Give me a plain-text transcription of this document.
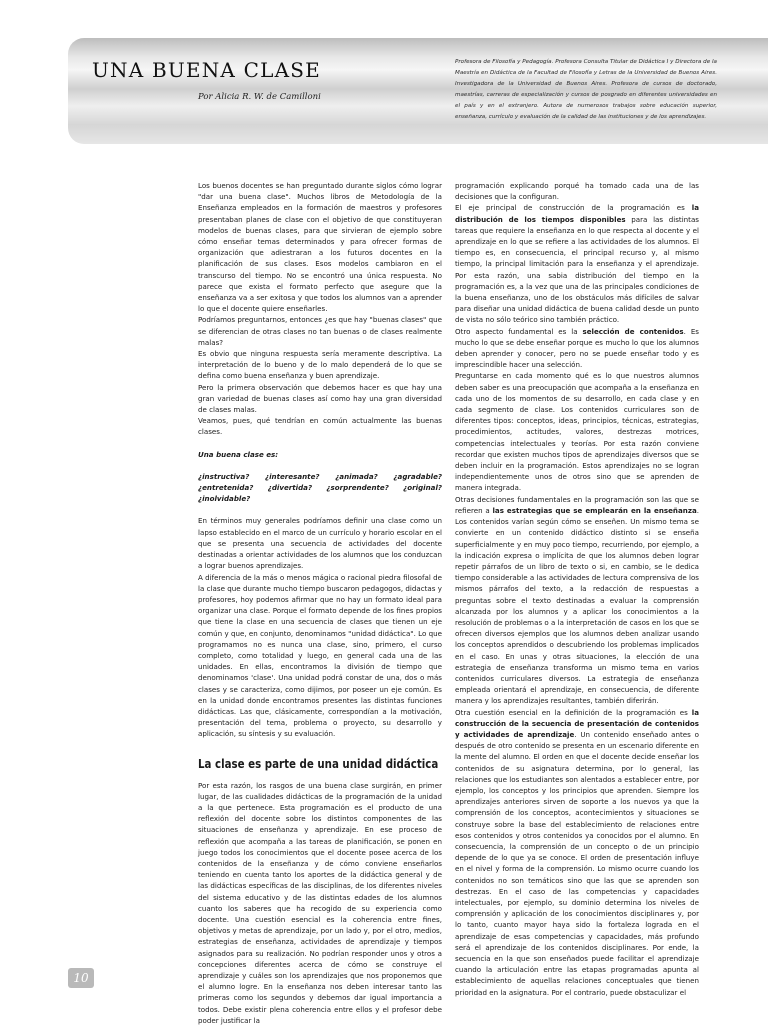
UNA BUENA CLASE
Por Alicia R. W. de Camilloni
Profesora de Filosofía y Pedagogía. Profesora Consulta Titular de Didáctica I y Directora de la Maestría en Didáctica de la Facultad de Filosofía y Letras de la Universidad de Buenos Aires. Investigadora de la Universidad de Buenos Aires. Profesora de cursos de doctorado, maestrías, carreras de especialización y cursos de posgrado en diferentes universidades en el país y en el extranjero. Autora de numerosos trabajos sobre educación superior, enseñanza, currículo y evaluación de la calidad de las instituciones y de los aprendizajes.

Los buenos docentes se han preguntado durante siglos cómo lograr "dar una buena clase". Muchos libros de Metodología de la Enseñanza empleados en la formación de maestros y profesores presentaban planes de clase con el objetivo de que constituyeran modelos de buenas clases, para que sirvieran de ejemplo sobre cómo enseñar temas determinados y para ofrecer formas de organización que adiestraran a los futuros docentes en la planificación de sus clases. Esos modelos cambiaron en el transcurso del tiempo. No se encontró una única respuesta. No parece que exista el formato perfecto que asegure que la enseñanza va a ser exitosa y que todos los alumnos van a aprender lo que el docente quiere enseñarles.

Podríamos preguntarnos, entonces ¿es que hay "buenas clases" que se diferencian de otras clases no tan buenas o de clases realmente malas?

Es obvio que ninguna respuesta sería meramente descriptiva. La interpretación de lo bueno y de lo malo dependerá de lo que se defina como buena enseñanza y buen aprendizaje.

Pero la primera observación que debemos hacer es que hay una gran variedad de buenas clases así como hay una gran diversidad de clases malas.

Veamos, pues, qué tendrían en común actualmente las buenas clases.

Una buena clase es:

¿instructiva? ¿interesante? ¿animada? ¿agradable? ¿entretenida? ¿divertida? ¿sorprendente? ¿original? ¿inolvidable?

En términos muy generales podríamos definir una clase como un lapso establecido en el marco de un currículo y horario escolar en el que se presenta una secuencia de actividades del docente destinadas a orientar actividades de los alumnos que los conduzcan a lograr buenos aprendizajes.

A diferencia de la más o menos mágica o racional piedra filosofal de la clase que durante mucho tiempo buscaron pedagogos, didactas y profesores, hoy podemos afirmar que no hay un formato ideal para organizar una clase. Porque el formato depende de los fines propios que tiene la clase en una secuencia de clases que tienen un eje común y que, en conjunto, denominamos "unidad didáctica". Lo que programamos no es nunca una clase, sino, primero, el curso completo, como totalidad y luego, en general cada una de las unidades. En ellas, encontramos la división de tiempo que denominamos 'clase'. Una unidad podrá constar de una, dos o más clases y se caracteriza, como dijimos, por poseer un eje común. Es en la unidad donde encontramos presentes las distintas funciones didácticas. Las que, clásicamente, correspondían a la motivación, presentación del tema, problema o proyecto, su desarrollo y aplicación, su síntesis y su evaluación.

La clase es parte de una unidad didáctica

Por esta razón, los rasgos de una buena clase surgirán, en primer lugar, de las cualidades didácticas de la programación de la unidad a la que pertenece. Esta programación es el producto de una reflexión del docente sobre los distintos componentes de las situaciones de enseñanza y aprendizaje. En ese proceso de reflexión que acompaña a las tareas de planificación, se ponen en juego todos los conocimientos que el docente posee acerca de los contenidos de la enseñanza y de cómo conviene enseñarlos teniendo en cuenta tanto los aportes de la didáctica general y de las didácticas específicas de las disciplinas, de los diferentes niveles del sistema educativo y de las distintas edades de los alumnos cuanto los saberes que ha recogido de su experiencia como docente. Una cuestión esencial es la coherencia entre fines, objetivos y metas de aprendizaje, por un lado y, por el otro, medios, estrategias de enseñanza, actividades de aprendizaje y tiempos asignados para su realización. No podrían responder unos y otros a concepciones diferentes acerca de cómo se construye el aprendizaje y cuáles son los aprendizajes que nos proponemos que el alumno logre. En la enseñanza nos deben interesar tanto las primeras como los segundos y debemos dar igual importancia a todos. Debe existir plena coherencia entre ellos y el profesor debe poder justificar la

programación explicando porqué ha tomado cada una de las decisiones que la configuran.

El eje principal de construcción de la programación es la distribución de los tiempos disponibles para las distintas tareas que requiere la enseñanza en lo que respecta al docente y el aprendizaje en lo que se refiere a las actividades de los alumnos. El tiempo es, en consecuencia, el principal recurso y, al mismo tiempo, la principal limitación para la enseñanza y el aprendizaje. Por esta razón, una sabia distribución del tiempo en la programación es, a la vez que una de las principales condiciones de la buena enseñanza, uno de los obstáculos más difíciles de salvar para diseñar una unidad didáctica de buena calidad desde un punto de vista no sólo teórico sino también práctico.

Otro aspecto fundamental es la selección de contenidos. Es mucho lo que se debe enseñar porque es mucho lo que los alumnos deben aprender y conocer, pero no se puede enseñar todo y es imprescindible hacer una selección.

Preguntarse en cada momento qué es lo que nuestros alumnos deben saber es una preocupación que acompaña a la enseñanza en cada uno de los momentos de su desarrollo, en cada clase y en cada segmento de clase. Los contenidos curriculares son de diferentes tipos: conceptos, ideas, principios, técnicas, estrategias, procedimientos, actitudes, valores, destrezas motrices, competencias intelectuales y teorías. Por esta razón conviene recordar que existen muchos tipos de aprendizajes diversos que se deben incluir en la programación. Estos aprendizajes no se logran independientemente unos de otros sino que se aprenden de manera integrada.

Otras decisiones fundamentales en la programación son las que se refieren a las estrategias que se emplearán en la enseñanza. Los contenidos varían según cómo se enseñen. Un mismo tema se convierte en un contenido didáctico distinto si se enseña superficialmente y en muy poco tiempo, recurriendo, por ejemplo, a la indicación expresa o implícita de que los alumnos deben lograr repetir párrafos de un libro de texto o si, en cambio, se le dedica tiempo considerable a las actividades de lectura comprensiva de los mismos párrafos del texto, a la redacción de respuestas a preguntas sobre el texto destinadas a evaluar la comprensión alcanzada por los alumnos y a aplicar los conocimientos a la resolución de problemas o a la interpretación de casos en los que se ofrecen diversos ejemplos que los alumnos deben analizar usando los conceptos aprendidos o descubriendo los problemas implicados en el caso. En unas y otras situaciones, la elección de una estrategia de enseñanza transforma un mismo tema en varios contenidos curriculares diversos. La estrategia de enseñanza empleada orientará el aprendizaje, en consecuencia, de diferente manera y los aprendizajes resultantes, también diferirán.

Otra cuestión esencial en la definición de la programación es la construcción de la secuencia de presentación de contenidos y actividades de aprendizaje. Un contenido enseñado antes o después de otro contenido se presenta en un escenario diferente en la mente del alumno. El orden en que el docente decide enseñar los contenidos de su asignatura determina, por lo general, las relaciones que los estudiantes son alentados a establecer entre, por ejemplo, los conceptos y los principios que aprenden. Siempre los aprendizajes anteriores sirven de soporte a los nuevos ya que la comprensión de los conceptos, acontecimientos y situaciones se construye sobre la base del establecimiento de relaciones entre esos contenidos y otros contenidos ya conocidos por el alumno. En consecuencia, la comprensión de un concepto o de un principio depende de lo que ya se conoce. El orden de presentación influye en el nivel y forma de la comprensión. Lo mismo ocurre cuando los contenidos no son temáticos sino que las que se aprenden son destrezas. En el caso de las competencias y capacidades intelectuales, por ejemplo, su dominio determina los niveles de comprensión y aplicación de los conocimientos disciplinares y, por lo tanto, cuanto mayor haya sido la fortaleza lograda en el aprendizaje de esas competencias y capacidades, más profundo será el aprendizaje de los contenidos disciplinares. Por ende, la secuencia en la que son enseñados puede facilitar el aprendizaje cuando la articulación entre las etapas programadas apunta al establecimiento de aquellas relaciones conceptuales que tienen prioridad en la asignatura. Por el contrario, puede obstaculizar el

10
